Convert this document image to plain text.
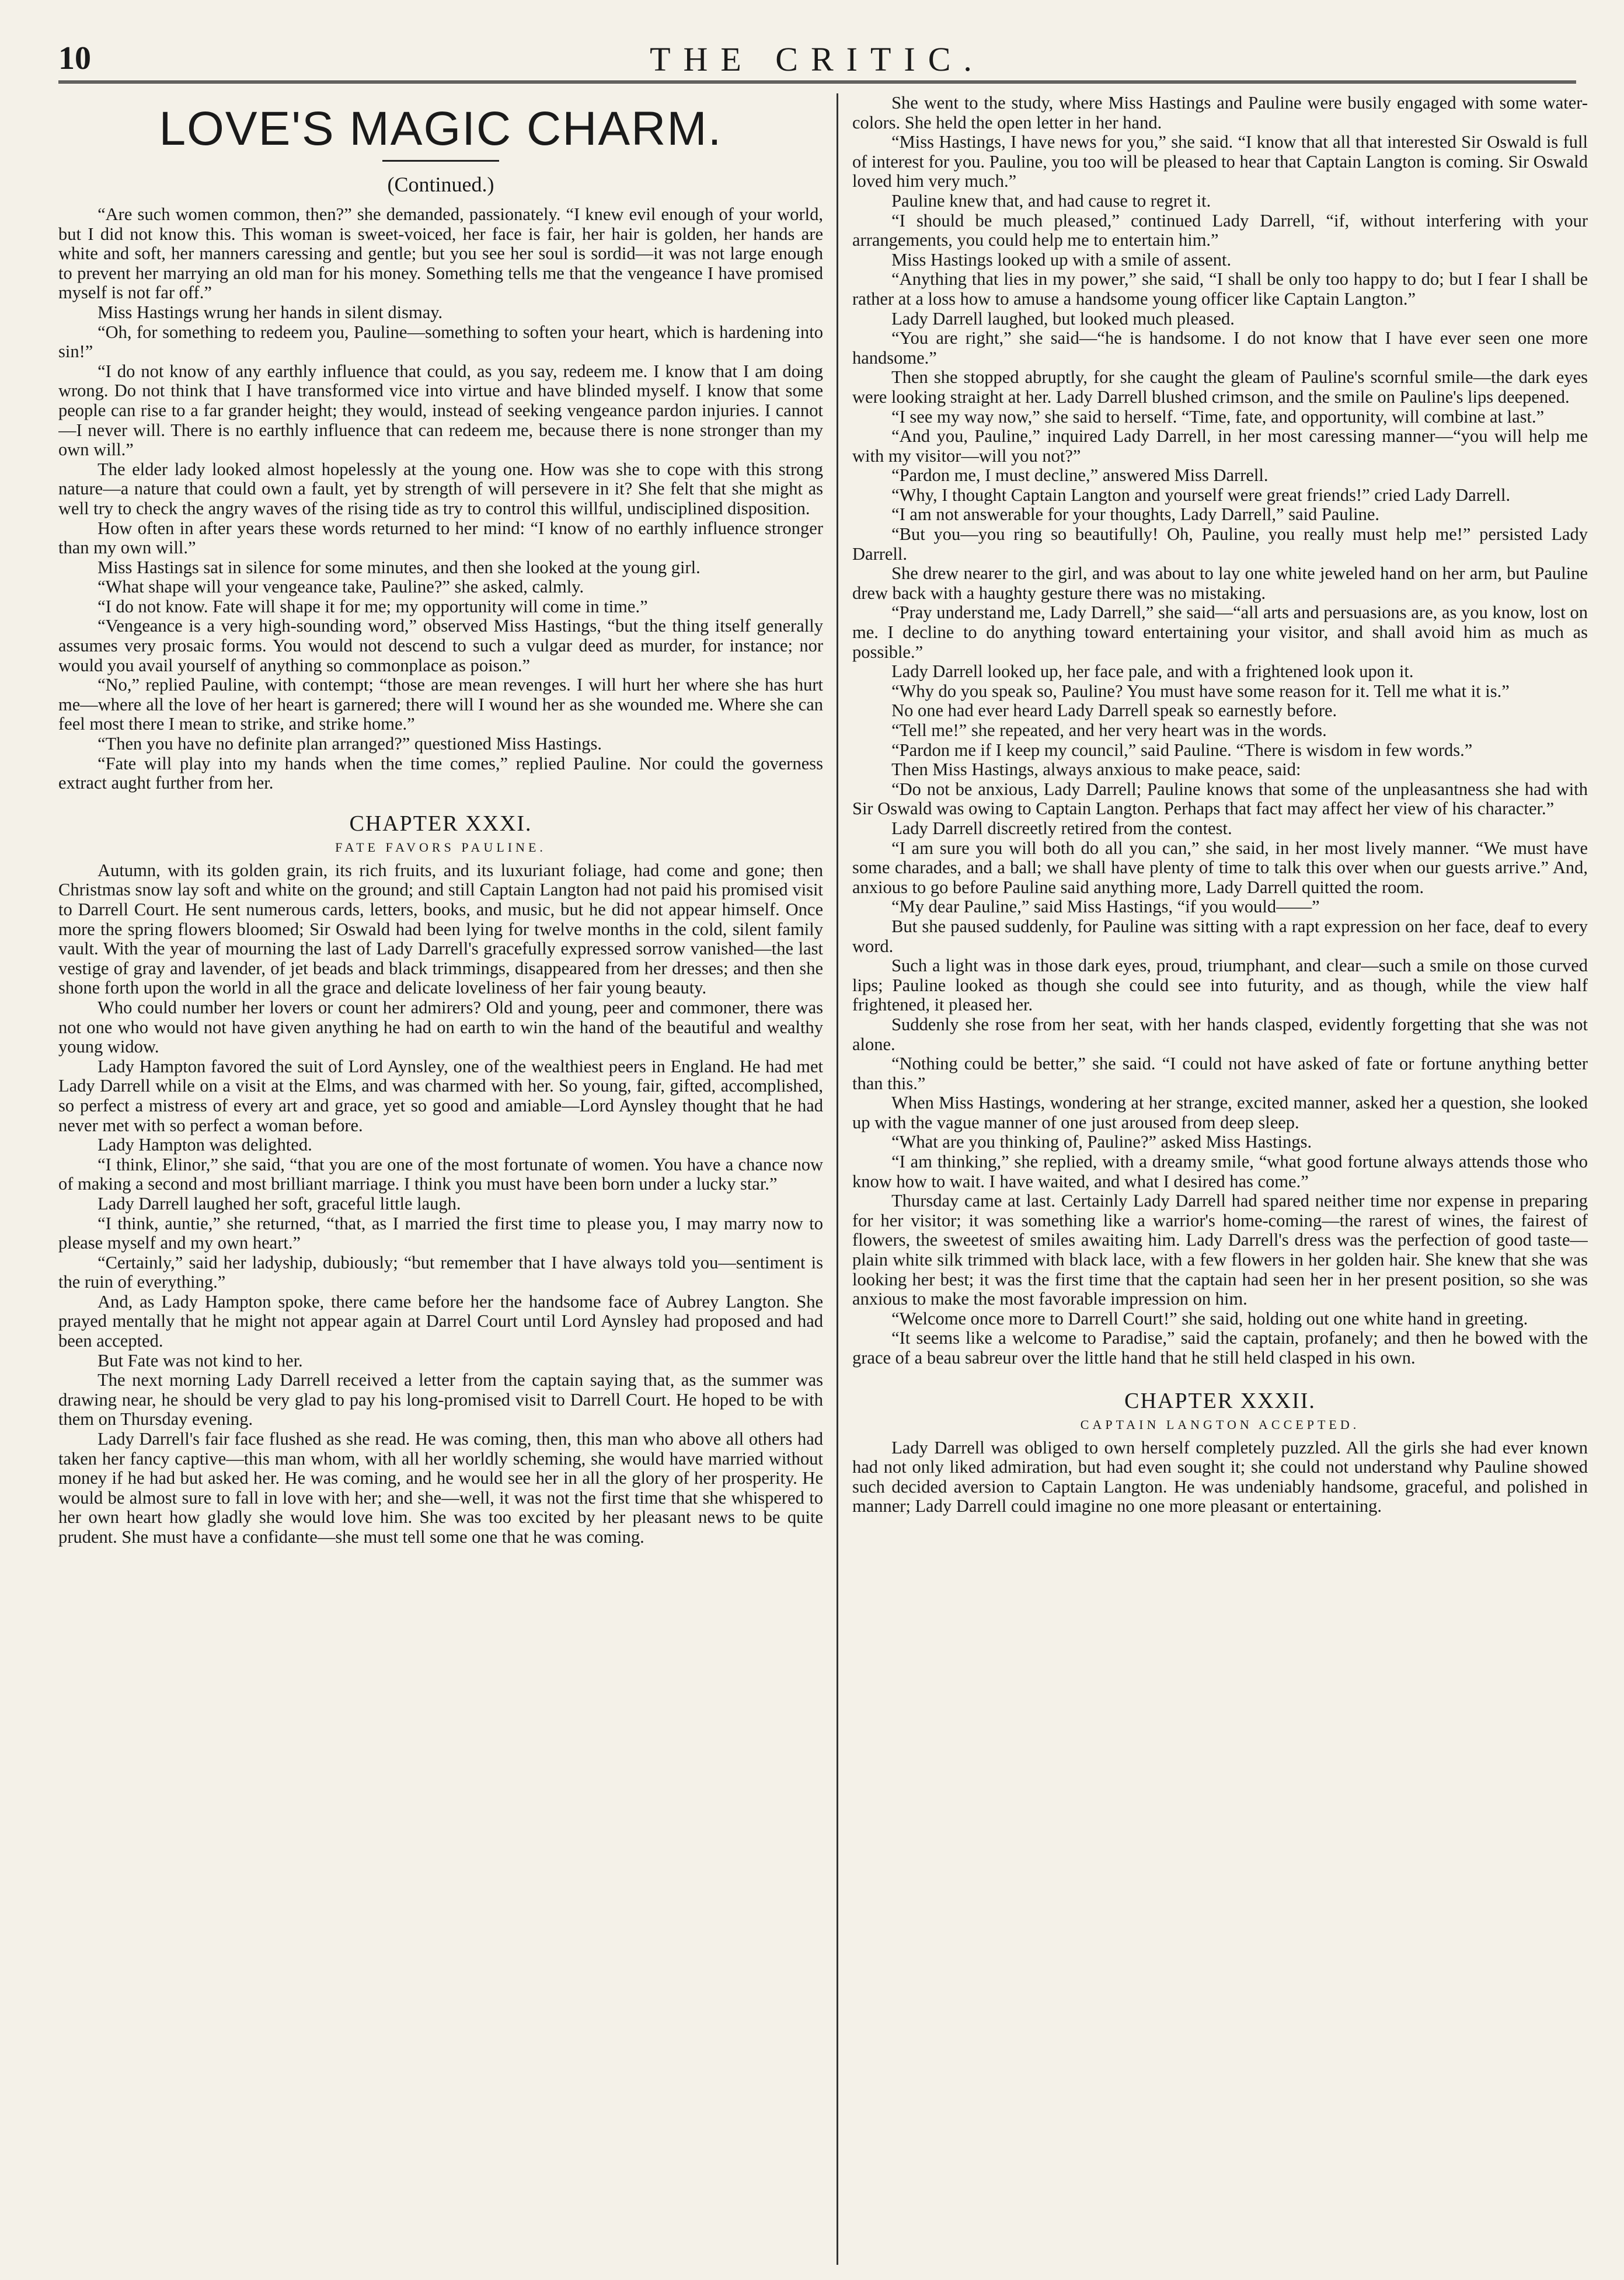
10	THE CRITIC.
LOVE'S MAGIC CHARM.
(Continued.)

“Are such women common, then?” she demanded, passionately. “I knew evil enough of your world, but I did not know this. This woman is sweet-voiced, her face is fair, her hair is golden, her hands are white and soft, her manners caressing and gentle; but you see her soul is sordid—it was not large enough to prevent her marrying an old man for his money. Something tells me that the vengeance I have promised myself is not far off.”

Miss Hastings wrung her hands in silent dismay.

“Oh, for something to redeem you, Pauline—something to soften your heart, which is hardening into sin!”

“I do not know of any earthly influence that could, as you say, redeem me. I know that I am doing wrong. Do not think that I have transformed vice into virtue and have blinded myself. I know that some people can rise to a far grander height; they would, instead of seeking vengeance pardon injuries. I cannot—I never will. There is no earthly influence that can redeem me, because there is none stronger than my own will.”

The elder lady looked almost hopelessly at the young one. How was she to cope with this strong nature—a nature that could own a fault, yet by strength of will persevere in it? She felt that she might as well try to check the angry waves of the rising tide as try to control this willful, undisciplined disposition.

How often in after years these words returned to her mind: “I know of no earthly influence stronger than my own will.”

Miss Hastings sat in silence for some minutes, and then she looked at the young girl.

“What shape will your vengeance take, Pauline?” she asked, calmly.

“I do not know. Fate will shape it for me; my opportunity will come in time.”

“Vengeance is a very high-sounding word,” observed Miss Hastings, “but the thing itself generally assumes very prosaic forms. You would not descend to such a vulgar deed as murder, for instance; nor would you avail yourself of anything so commonplace as poison.”

“No,” replied Pauline, with contempt; “those are mean revenges. I will hurt her where she has hurt me—where all the love of her heart is garnered; there will I wound her as she wounded me. Where she can feel most there I mean to strike, and strike home.”

“Then you have no definite plan arranged?” questioned Miss Hastings.

“Fate will play into my hands when the time comes,” replied Pauline. Nor could the governess extract aught further from her.

CHAPTER XXXI.
FATE FAVORS PAULINE.

Autumn, with its golden grain, its rich fruits, and its luxuriant foliage, had come and gone; then Christmas snow lay soft and white on the ground; and still Captain Langton had not paid his promised visit to Darrell Court. He sent numerous cards, letters, books, and music, but he did not appear himself. Once more the spring flowers bloomed; Sir Oswald had been lying for twelve months in the cold, silent family vault. With the year of mourning the last of Lady Darrell's gracefully expressed sorrow vanished—the last vestige of gray and lavender, of jet beads and black trimmings, disappeared from her dresses; and then she shone forth upon the world in all the grace and delicate loveliness of her fair young beauty.

Who could number her lovers or count her admirers? Old and young, peer and commoner, there was not one who would not have given anything he had on earth to win the hand of the beautiful and wealthy young widow.

Lady Hampton favored the suit of Lord Aynsley, one of the wealthiest peers in England. He had met Lady Darrell while on a visit at the Elms, and was charmed with her. So young, fair, gifted, accomplished, so perfect a mistress of every art and grace, yet so good and amiable—Lord Aynsley thought that he had never met with so perfect a woman before.

Lady Hampton was delighted.

“I think, Elinor,” she said, “that you are one of the most fortunate of women. You have a chance now of making a second and most brilliant marriage. I think you must have been born under a lucky star.”

Lady Darrell laughed her soft, graceful little laugh.

“I think, auntie,” she returned, “that, as I married the first time to please you, I may marry now to please myself and my own heart.”

“Certainly,” said her ladyship, dubiously; “but remember that I have always told you—sentiment is the ruin of everything.”

And, as Lady Hampton spoke, there came before her the handsome face of Aubrey Langton. She prayed mentally that he might not appear again at Darrel Court until Lord Aynsley had proposed and had been accepted.

But Fate was not kind to her.

The next morning Lady Darrell received a letter from the captain saying that, as the summer was drawing near, he should be very glad to pay his long-promised visit to Darrell Court. He hoped to be with them on Thursday evening.

Lady Darrell's fair face flushed as she read. He was coming, then, this man who above all others had taken her fancy captive—this man whom, with all her worldly scheming, she would have married without money if he had but asked her. He was coming, and he would see her in all the glory of her prosperity. He would be almost sure to fall in love with her; and she—well, it was not the first time that she whispered to her own heart how gladly she would love him. She was too excited by her pleasant news to be quite prudent. She must have a confidante—she must tell some one that he was coming.

She went to the study, where Miss Hastings and Pauline were busily engaged with some water-colors. She held the open letter in her hand.

“Miss Hastings, I have news for you,” she said. “I know that all that interested Sir Oswald is full of interest for you. Pauline, you too will be pleased to hear that Captain Langton is coming. Sir Oswald loved him very much.”

Pauline knew that, and had cause to regret it.

“I should be much pleased,” continued Lady Darrell, “if, without interfering with your arrangements, you could help me to entertain him.”

Miss Hastings looked up with a smile of assent.

“Anything that lies in my power,” she said, “I shall be only too happy to do; but I fear I shall be rather at a loss how to amuse a handsome young officer like Captain Langton.”

Lady Darrell laughed, but looked much pleased.

“You are right,” she said—“he is handsome. I do not know that I have ever seen one more handsome.”

Then she stopped abruptly, for she caught the gleam of Pauline's scornful smile—the dark eyes were looking straight at her. Lady Darrell blushed crimson, and the smile on Pauline's lips deepened.

“I see my way now,” she said to herself. “Time, fate, and opportunity, will combine at last.”

“And you, Pauline,” inquired Lady Darrell, in her most caressing manner—“you will help me with my visitor—will you not?”

“Pardon me, I must decline,” answered Miss Darrell.

“Why, I thought Captain Langton and yourself were great friends!” cried Lady Darrell.

“I am not answerable for your thoughts, Lady Darrell,” said Pauline.

“But you—you ring so beautifully! Oh, Pauline, you really must help me!” persisted Lady Darrell.

She drew nearer to the girl, and was about to lay one white jeweled hand on her arm, but Pauline drew back with a haughty gesture there was no mistaking.

“Pray understand me, Lady Darrell,” she said—“all arts and persuasions are, as you know, lost on me. I decline to do anything toward entertaining your visitor, and shall avoid him as much as possible.”

Lady Darrell looked up, her face pale, and with a frightened look upon it.

“Why do you speak so, Pauline? You must have some reason for it. Tell me what it is.”

No one had ever heard Lady Darrell speak so earnestly before.

“Tell me!” she repeated, and her very heart was in the words.

“Pardon me if I keep my council,” said Pauline. “There is wisdom in few words.”

Then Miss Hastings, always anxious to make peace, said:

“Do not be anxious, Lady Darrell; Pauline knows that some of the unpleasantness she had with Sir Oswald was owing to Captain Langton. Perhaps that fact may affect her view of his character.”

Lady Darrell discreetly retired from the contest.

“I am sure you will both do all you can,” she said, in her most lively manner. “We must have some charades, and a ball; we shall have plenty of time to talk this over when our guests arrive.” And, anxious to go before Pauline said anything more, Lady Darrell quitted the room.

“My dear Pauline,” said Miss Hastings, “if you would——”

But she paused suddenly, for Pauline was sitting with a rapt expression on her face, deaf to every word.

Such a light was in those dark eyes, proud, triumphant, and clear—such a smile on those curved lips; Pauline looked as though she could see into futurity, and as though, while the view half frightened, it pleased her.

Suddenly she rose from her seat, with her hands clasped, evidently forgetting that she was not alone.

“Nothing could be better,” she said. “I could not have asked of fate or fortune anything better than this.”

When Miss Hastings, wondering at her strange, excited manner, asked her a question, she looked up with the vague manner of one just aroused from deep sleep.

“What are you thinking of, Pauline?” asked Miss Hastings.

“I am thinking,” she replied, with a dreamy smile, “what good fortune always attends those who know how to wait. I have waited, and what I desired has come.”

Thursday came at last. Certainly Lady Darrell had spared neither time nor expense in preparing for her visitor; it was something like a warrior's home-coming—the rarest of wines, the fairest of flowers, the sweetest of smiles awaiting him. Lady Darrell's dress was the perfection of good taste—plain white silk trimmed with black lace, with a few flowers in her golden hair. She knew that she was looking her best; it was the first time that the captain had seen her in her present position, so she was anxious to make the most favorable impression on him.

“Welcome once more to Darrell Court!” she said, holding out one white hand in greeting.

“It seems like a welcome to Paradise,” said the captain, profanely; and then he bowed with the grace of a beau sabreur over the little hand that he still held clasped in his own.

CHAPTER XXXII.
CAPTAIN LANGTON ACCEPTED.

Lady Darrell was obliged to own herself completely puzzled. All the girls she had ever known had not only liked admiration, but had even sought it; she could not understand why Pauline showed such decided aversion to Captain Langton. He was undeniably handsome, graceful, and polished in manner; Lady Darrell could imagine no one more pleasant or entertaining.
